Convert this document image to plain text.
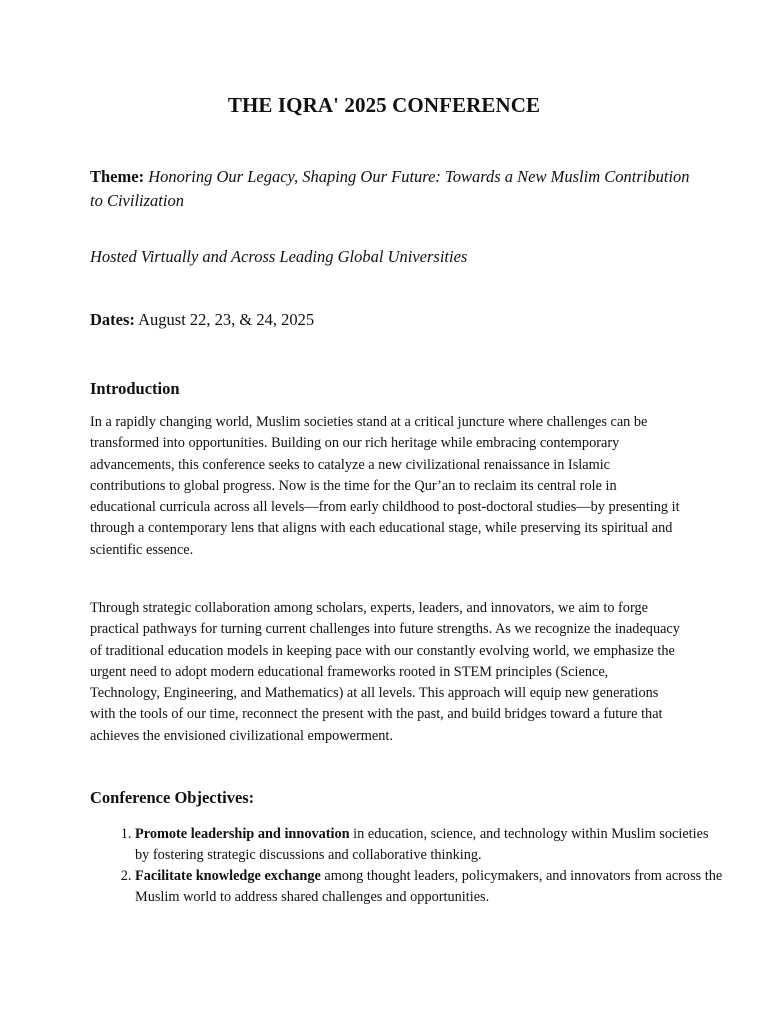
THE IQRA' 2025 CONFERENCE

Theme: Honoring Our Legacy, Shaping Our Future: Towards a New Muslim Contribution to Civilization

Hosted Virtually and Across Leading Global Universities

Dates: August 22, 23, & 24, 2025

Introduction

In a rapidly changing world, Muslim societies stand at a critical juncture where challenges can be transformed into opportunities. Building on our rich heritage while embracing contemporary advancements, this conference seeks to catalyze a new civilizational renaissance in Islamic contributions to global progress. Now is the time for the Qur’an to reclaim its central role in educational curricula across all levels—from early childhood to post-doctoral studies—by presenting it through a contemporary lens that aligns with each educational stage, while preserving its spiritual and scientific essence.

Through strategic collaboration among scholars, experts, leaders, and innovators, we aim to forge practical pathways for turning current challenges into future strengths. As we recognize the inadequacy of traditional education models in keeping pace with our constantly evolving world, we emphasize the urgent need to adopt modern educational frameworks rooted in STEM principles (Science, Technology, Engineering, and Mathematics) at all levels. This approach will equip new generations with the tools of our time, reconnect the present with the past, and build bridges toward a future that achieves the envisioned civilizational empowerment.

Conference Objectives:
1. Promote leadership and innovation in education, science, and technology within Muslim societies by fostering strategic discussions and collaborative thinking.
2. Facilitate knowledge exchange among thought leaders, policymakers, and innovators from across the Muslim world to address shared challenges and opportunities.
